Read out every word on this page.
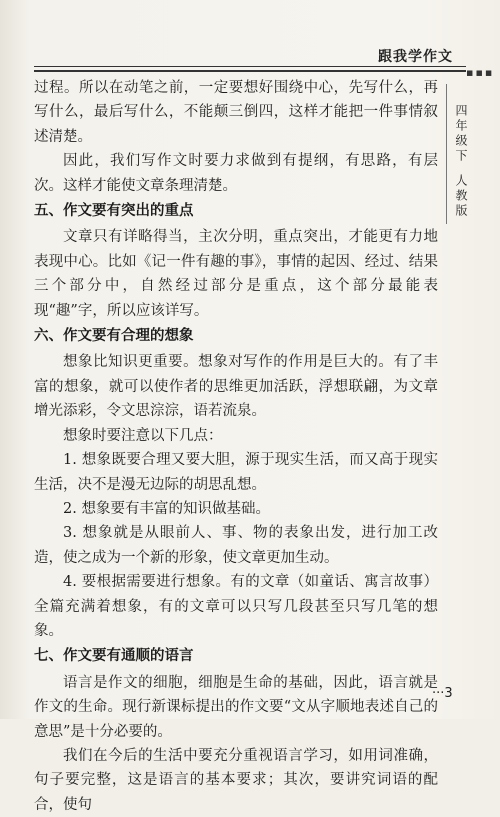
跟我学作文
▪▪▪
四年级下
人教版

过程。所以在动笔之前，一定要想好围绕中心，先写什么，再写什么，最后写什么，不能颠三倒四，这样才能把一件事情叙述清楚。

因此，我们写作文时要力求做到有提纲，有思路，有层次。这样才能使文章条理清楚。

五、作文要有突出的重点

文章只有详略得当，主次分明，重点突出，才能更有力地表现中心。比如《记一件有趣的事》，事情的起因、经过、结果三个部分中，自然经过部分是重点，这个部分最能表现“趣”字，所以应该详写。

六、作文要有合理的想象

想象比知识更重要。想象对写作的作用是巨大的。有了丰富的想象，就可以使作者的思维更加活跃，浮想联翩，为文章增光添彩，令文思淙淙，语若流泉。

想象时要注意以下几点：

1. 想象既要合理又要大胆，源于现实生活，而又高于现实生活，决不是漫无边际的胡思乱想。

2. 想象要有丰富的知识做基础。

3. 想象就是从眼前人、事、物的表象出发，进行加工改造，使之成为一个新的形象，使文章更加生动。

4. 要根据需要进行想象。有的文章（如童话、寓言故事）全篇充满着想象，有的文章可以只写几段甚至只写几笔的想象。

七、作文要有通顺的语言

语言是作文的细胞，细胞是生命的基础，因此，语言就是作文的生命。现行新课标提出的作文要“文从字顺地表述自己的意思”是十分必要的。

我们在今后的生活中要充分重视语言学习，如用词准确，句子要完整，这是语言的基本要求；其次，要讲究词语的配合，使句

···3
